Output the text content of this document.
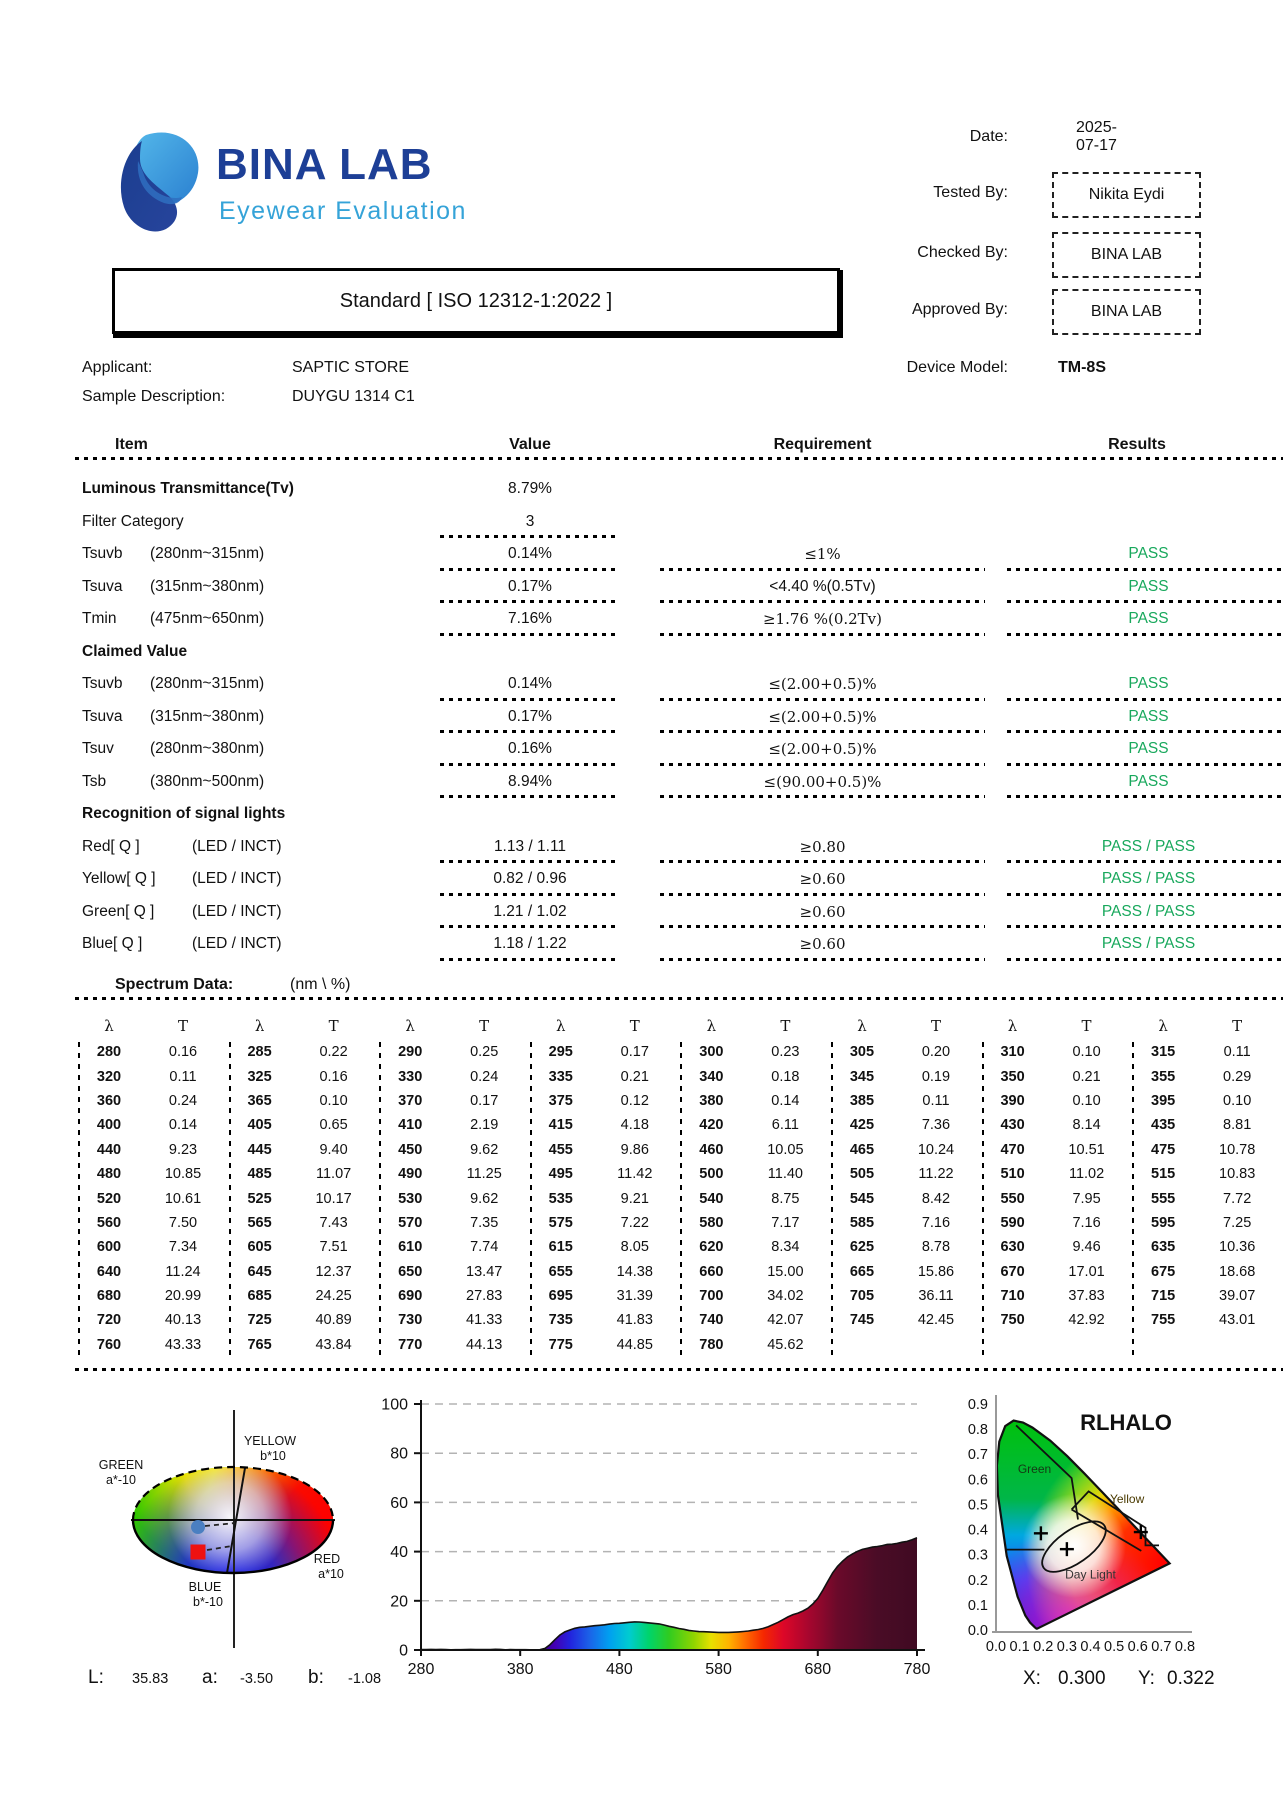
BINA LAB
Eyewear Evaluation
Date:
2025-07-17
Tested By:	Nikita Eydi
Checked By:	BINA LAB
Approved By:	BINA LAB
Standard [ ISO 12312-1:2022 ]
Applicant:	SAPTIC STORE
Sample Description:	DUYGU 1314 C1
Device Model:	TM-8S
Item	Value	Requirement	Results
Luminous Transmittance(Tv)	8.79%
Filter Category	3
Tsuvb (280nm~315nm)	0.14%	≤1%	PASS
Tsuva (315nm~380nm)	0.17%	<4.40 %(0.5Tv)	PASS
Tmin (475nm~650nm)	7.16%	≥1.76 %(0.2Tv)	PASS
Claimed Value
Tsuvb (280nm~315nm)	0.14%	≤(2.00+0.5)%	PASS
Tsuva (315nm~380nm)	0.17%	≤(2.00+0.5)%	PASS
Tsuv (280nm~380nm)	0.16%	≤(2.00+0.5)%	PASS
Tsb	(380nm~500nm)	8.94%	≤(90.00+0.5)%	PASS
Recognition of signal lights
Red[ Q ]	(LED / INCT)	1.13 / 1.11	≥0.80	PASS / PASS
Yellow[ Q ] (LED / INCT)	0.82 / 0.96	≥0.60	PASS / PASS
Green[ Q ] (LED / INCT)	1.21 / 1.02	≥0.60	PASS / PASS
Blue[ Q ]	(LED / INCT)	1.18 / 1.22	≥0.60	PASS / PASS
Spectrum Data:	(nm \ %)
λ	T	λ	T	λ	T	λ	T	λ	T	λ	T	λ	T	λ	T
280	0.16	285	0.22	290	0.25	295	0.17	300	0.23	305	0.20	310	0.10	315	0.11
320	0.11	325	0.16	330	0.24	335	0.21	340	0.18	345	0.19	350	0.21	355	0.29
360	0.24	365	0.10	370	0.17	375	0.12	380	0.14	385	0.11	390	0.10	395	0.10
400	0.14	405	0.65	410	2.19	415	4.18	420	6.11	425	7.36	430	8.14	435	8.81
440	9.23	445	9.40	450	9.62	455	9.86	460	10.05	465	10.24	470	10.51	475	10.78
480	10.85	485	11.07	490	11.25	495	11.42	500	11.40	505	11.22	510	11.02	515	10.83
520	10.61	525	10.17	530	9.62	535	9.21	540	8.75	545	8.42	550	7.95	555	7.72
560	7.50	565	7.43	570	7.35	575	7.22	580	7.17	585	7.16	590	7.16	595	7.25
600	7.34	605	7.51	610	7.74	615	8.05	620	8.34	625	8.78	630	9.46	635	10.36
640	11.24	645	12.37	650	13.47	655	14.38	660	15.00	665	15.86	670	17.01	675	18.68
680	20.99	685	24.25	690	27.83	695	31.39	700	34.02	705	36.11	710	37.83	715	39.07
720	40.13	725	40.89	730	41.33	735	41.83	740	42.07	745	42.45	750	42.92	755	43.01
760	43.33	765	43.84	770	44.13	775	44.85	780	45.62
YELLOW
b*10
GREEN
a*-10
RED
a*10
BLUE
b*-10
L: 35.83 a: -3.50 b: -1.08
0
20
40
60
80
100
280	380	480	580	680	780
0.0
0.1
0.2
0.3
0.4
0.5
0.6
0.7
0.8
0.9
0.0 0.1 0.2 0.3 0.4 0.5 0.6 0.7 0.8
Green
Yellow
Day Light
RLHALO
X: 0.300 Y: 0.322
